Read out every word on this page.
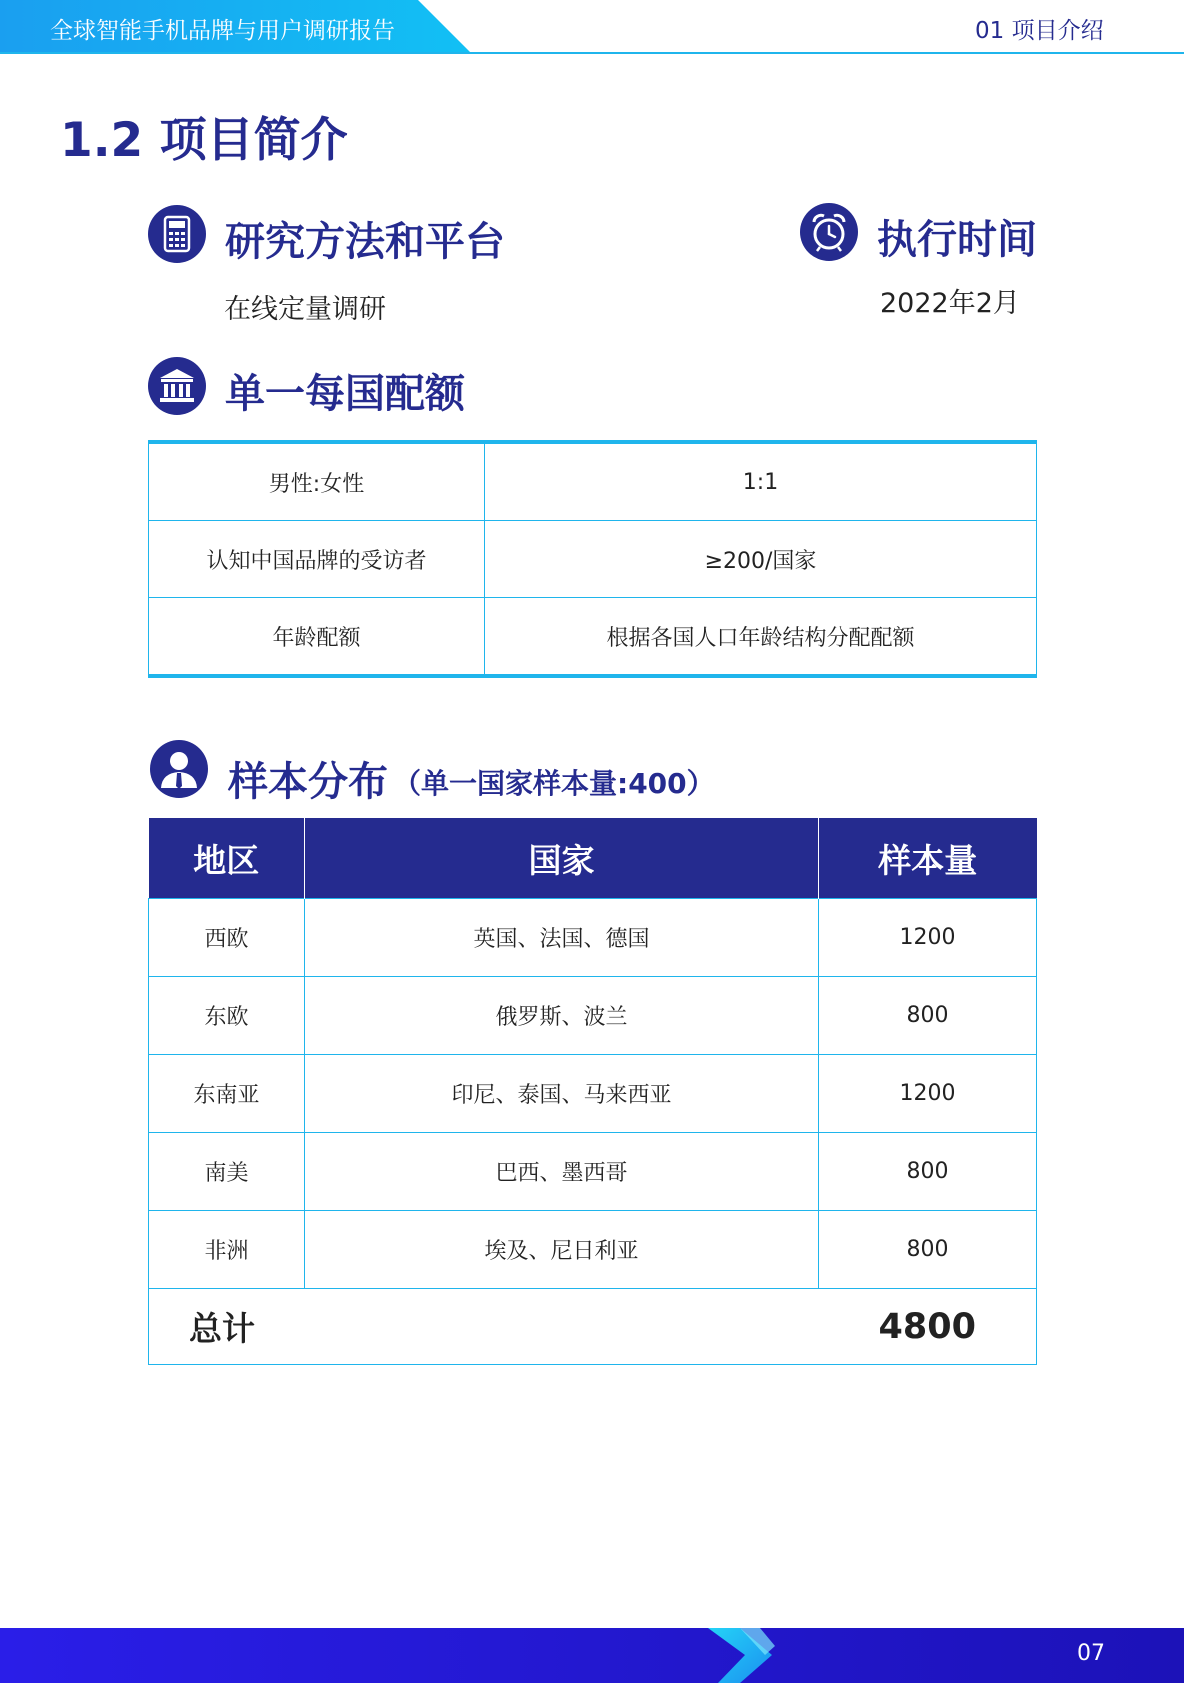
全球智能手机品牌与用户调研报告	01 项目介绍
1.2 项目简介
研究方法和平台
在线定量调研
执行时间
2022年2月
单一每国配额
男性:女性	1:1
认知中国品牌的受访者	≥200/国家
年龄配额	根据各国人口年龄结构分配配额
样本分布 （单一国家样本量:400）
地区	国家	样本量
西欧	英国、法国、德国	1200
东欧	俄罗斯、波兰	800
东南亚	印尼、泰国、马来西亚	1200
南美	巴西、墨西哥	800
非洲	埃及、尼日利亚	800
总计		4800
07
